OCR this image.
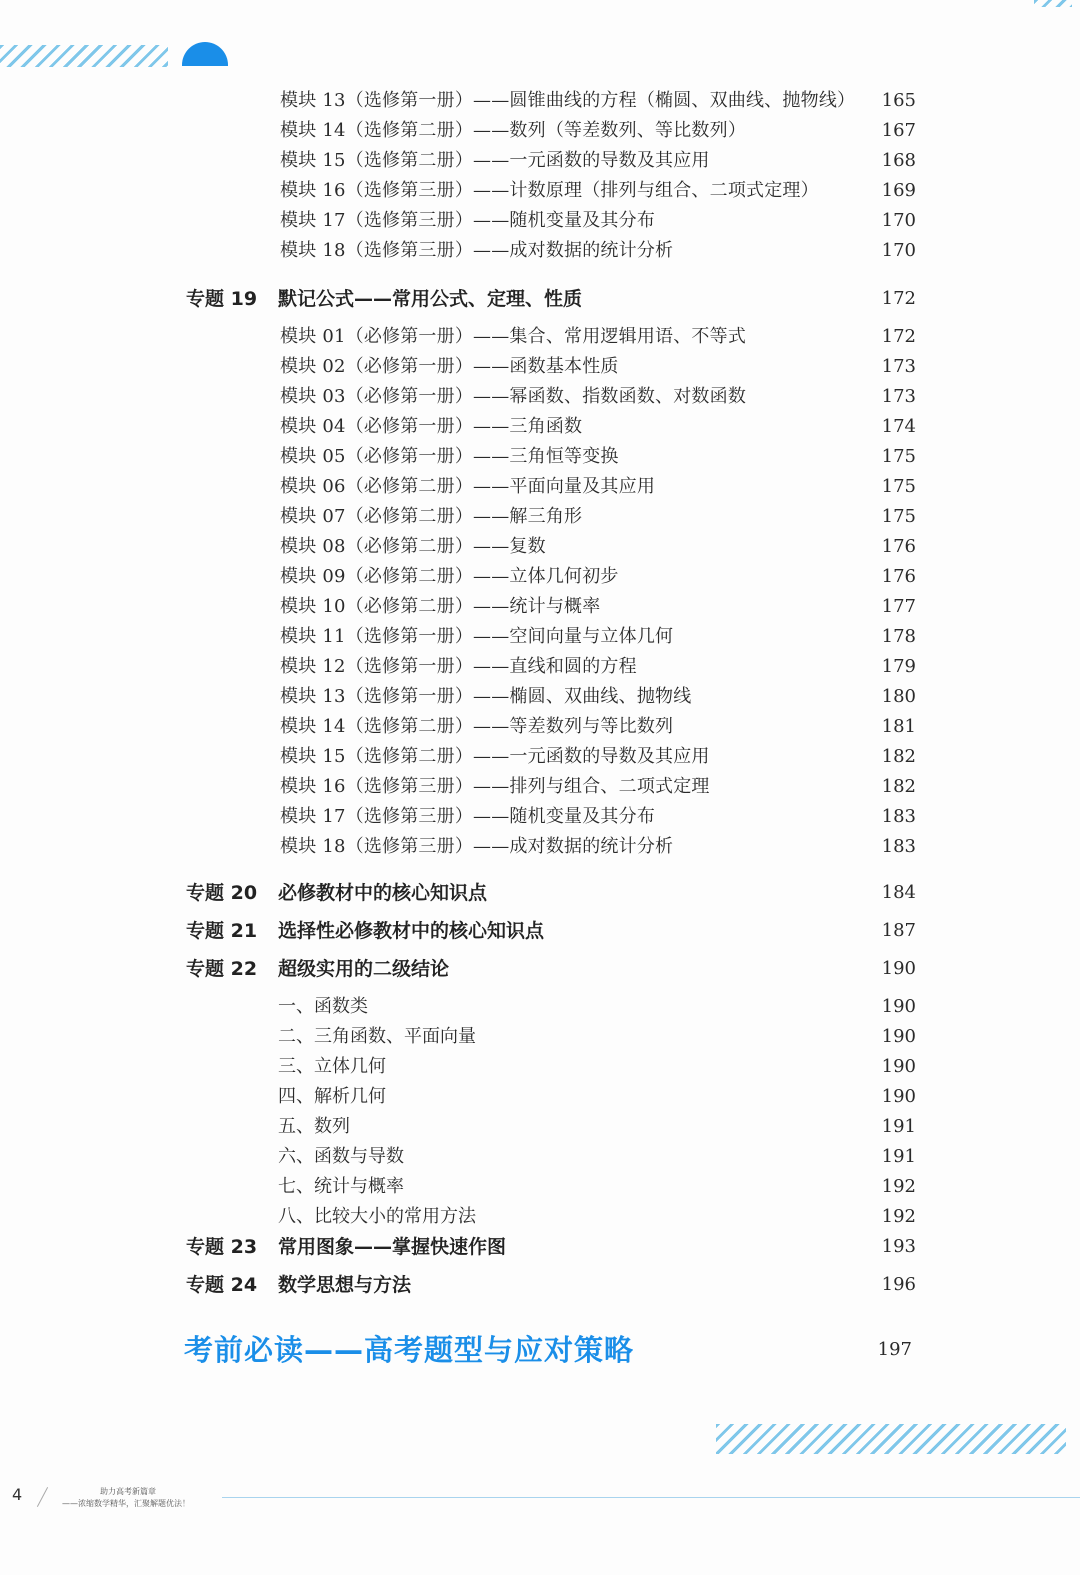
模块 13（选修第一册）——圆锥曲线的方程（椭圆、双曲线、抛物线）	165
模块 14（选修第二册）——数列（等差数列、等比数列）	167
模块 15（选修第二册）——一元函数的导数及其应用	168
模块 16（选修第三册）——计数原理（排列与组合、二项式定理）	169
模块 17（选修第三册）——随机变量及其分布	170
模块 18（选修第三册）——成对数据的统计分析	170
专题 19 默记公式——常用公式、定理、性质	172
模块 01（必修第一册）——集合、常用逻辑用语、不等式	172
模块 02（必修第一册）——函数基本性质	173
模块 03（必修第一册）——幂函数、指数函数、对数函数	173
模块 04（必修第一册）——三角函数	174
模块 05（必修第一册）——三角恒等变换	175
模块 06（必修第二册）——平面向量及其应用	175
模块 07（必修第二册）——解三角形	175
模块 08（必修第二册）——复数	176
模块 09（必修第二册）——立体几何初步	176
模块 10（必修第二册）——统计与概率	177
模块 11（选修第一册）——空间向量与立体几何	178
模块 12（选修第一册）——直线和圆的方程	179
模块 13（选修第一册）——椭圆、双曲线、抛物线	180
模块 14（选修第二册）——等差数列与等比数列	181
模块 15（选修第二册）——一元函数的导数及其应用	182
模块 16（选修第三册）——排列与组合、二项式定理	182
模块 17（选修第三册）——随机变量及其分布	183
模块 18（选修第三册）——成对数据的统计分析	183
专题 20 必修教材中的核心知识点	184
专题 21 选择性必修教材中的核心知识点	187
专题 22 超级实用的二级结论	190
一、函数类	190
二、三角函数、平面向量	190
三、立体几何	190
四、解析几何	190
五、数列	191
六、函数与导数	191
七、统计与概率	192
八、比较大小的常用方法	192
专题 23 常用图象——掌握快速作图	193
专题 24 数学思想与方法	196
考前必读——高考题型与应对策略	197
4	助力高考新篇章
——浓缩数学精华，汇聚解题优法！
